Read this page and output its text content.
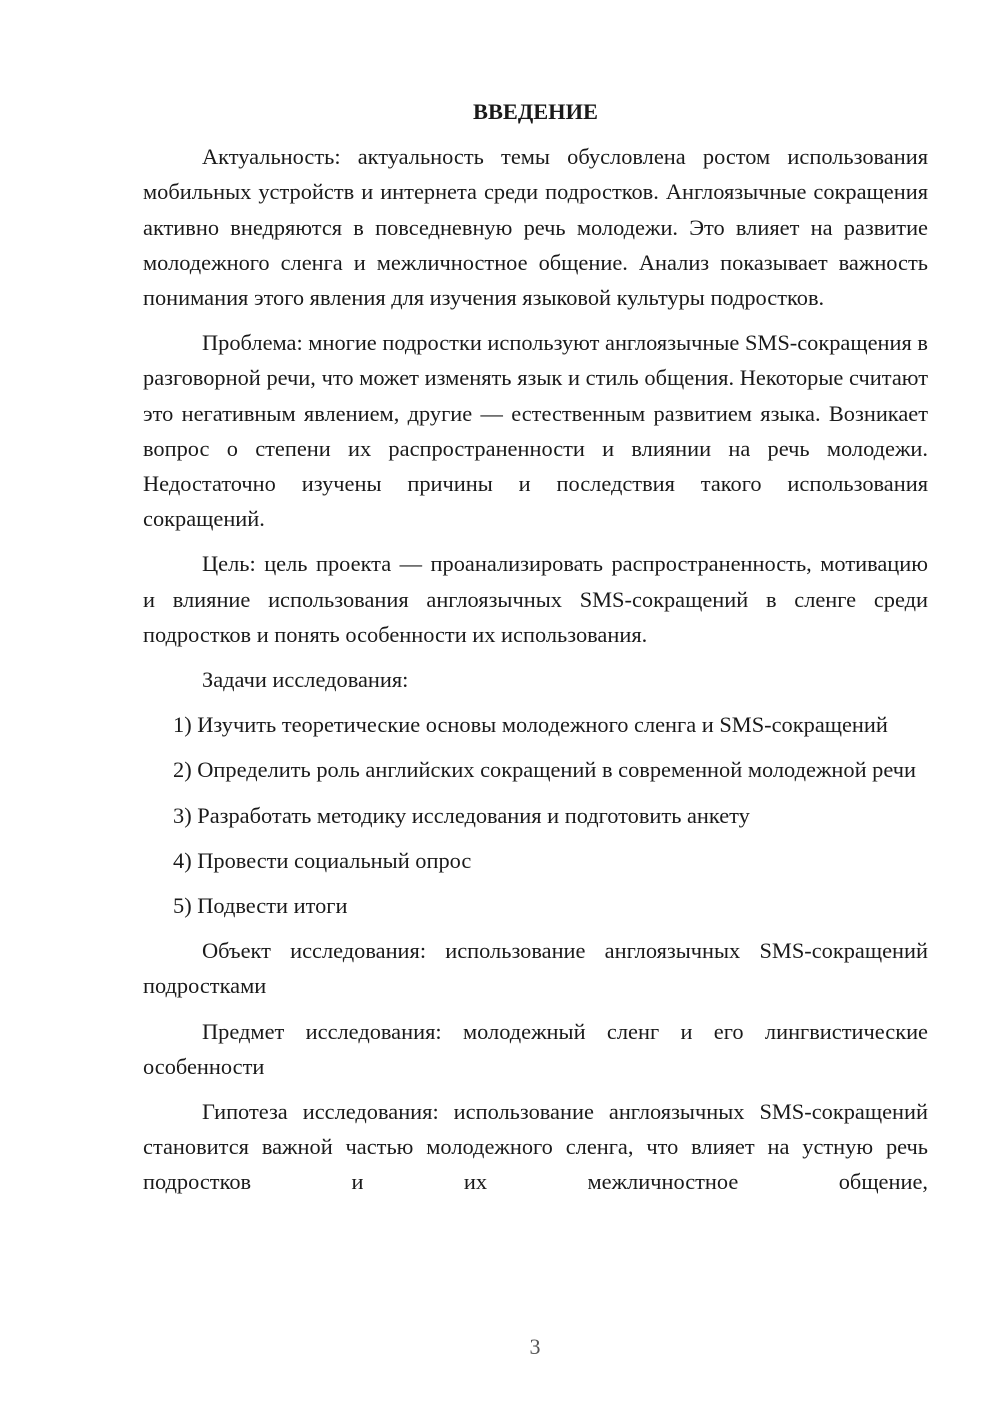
ВВЕДЕНИЕ

Актуальность: актуальность темы обусловлена ростом использования мобильных устройств и интернета среди подростков. Англоязычные сокращения активно внедряются в повседневную речь молодежи. Это влияет на развитие молодежного сленга и межличностное общение. Анализ показывает важность понимания этого явления для изучения языковой культуры подростков.

Проблема: многие подростки используют англоязычные SMS-сокращения в разговорной речи, что может изменять язык и стиль общения. Некоторые считают это негативным явлением, другие — естественным развитием языка. Возникает вопрос о степени их распространенности и влиянии на речь молодежи. Недостаточно изучены причины и последствия такого использования сокращений.

Цель: цель проекта — проанализировать распространенность, мотивацию и влияние использования англоязычных SMS-сокращений в сленге среди подростков и понять особенности их использования.

Задачи исследования:

1) Изучить теоретические основы молодежного сленга и SMS-сокращений

2) Определить роль английских сокращений в современной молодежной речи

3) Разработать методику исследования и подготовить анкету

4) Провести социальный опрос

5) Подвести итоги

Объект исследования: использование англоязычных SMS-сокращений подростками

Предмет исследования: молодежный сленг и его лингвистические особенности

Гипотеза исследования: использование англоязычных SMS-сокращений становится важной частью молодежного сленга, что влияет на устную речь подростков и их межличностное общение,

3
